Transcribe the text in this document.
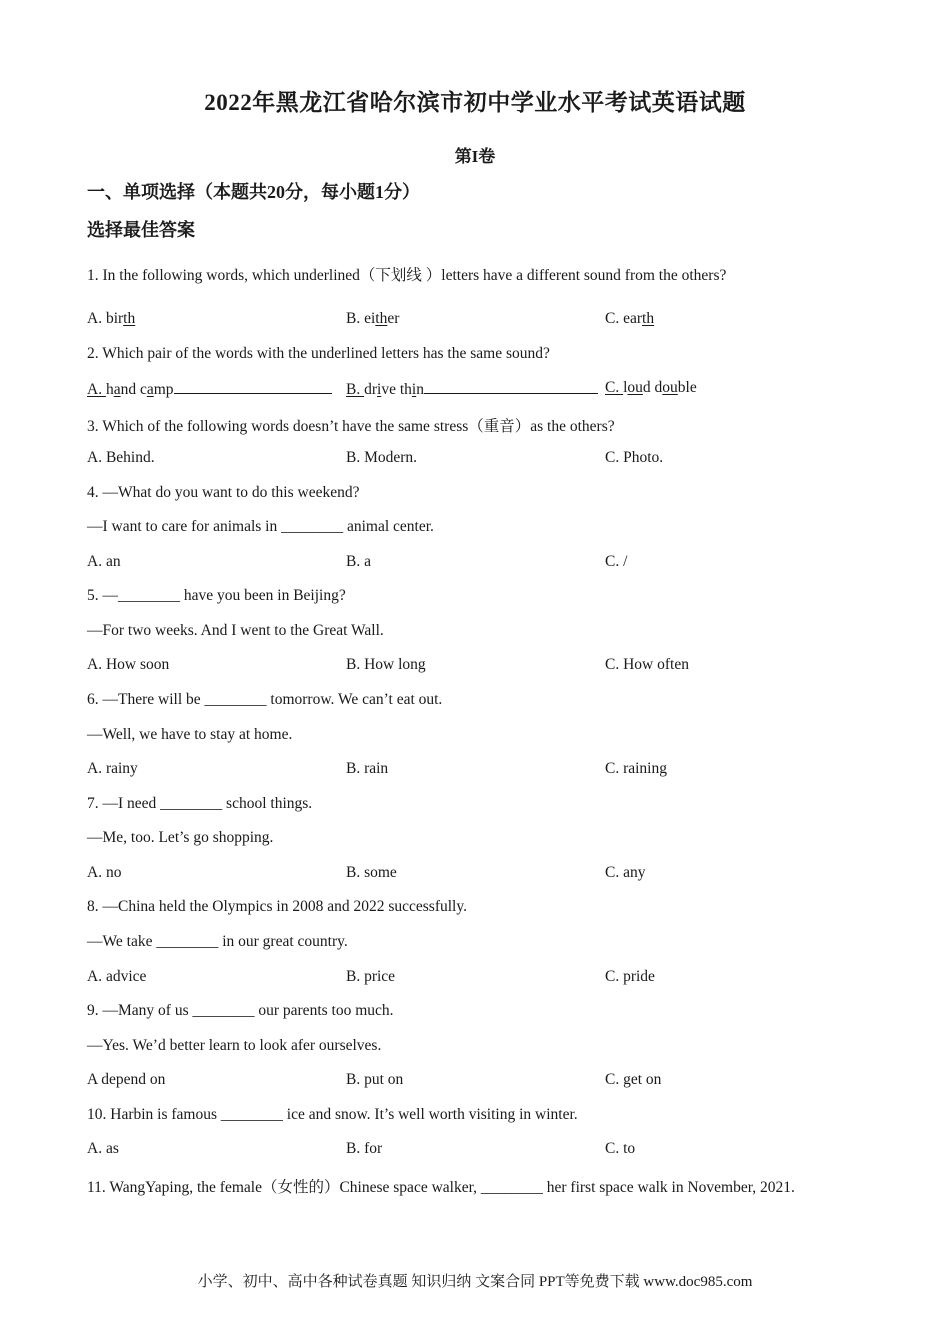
2022年黑龙江省哈尔滨市初中学业水平考试英语试题
第I卷
一、单项选择（本题共20分，每小题1分）
选择最佳答案
1. In the following words, which underlined（下划线 ）letters have a different sound from the others?
A. birth	B. either	C. earth
2. Which pair of the words with the underlined letters has the same sound?
A. hand camp	B. drive thin	C. loud double
3. Which of the following words doesn’t have the same stress（重音）as the others?
A. Behind.	B. Modern.	C. Photo.
4. —What do you want to do this weekend?
—I want to care for animals in ________ animal center.
A. an	B. a	C. /
5. —________ have you been in Beijing?
—For two weeks. And I went to the Great Wall.
A. How soon	B. How long	C. How often
6. —There will be ________ tomorrow. We can’t eat out.
—Well, we have to stay at home.
A. rainy	B. rain	C. raining
7. —I need ________ school things.
—Me, too. Let’s go shopping.
A. no	B. some	C. any
8. —China held the Olympics in 2008 and 2022 successfully.
—We take ________ in our great country.
A. advice	B. price	C. pride
9. —Many of us ________ our parents too much.
—Yes. We’d better learn to look afer ourselves.
A depend on	B. put on	C. get on
10. Harbin is famous ________ ice and snow. It’s well worth visiting in winter.
A. as	B. for	C. to
11. WangYaping, the female（女性的）Chinese space walker, ________ her first space walk in November, 2021.
小学、初中、高中各种试卷真题 知识归纳 文案合同 PPT等免费下载 www.doc985.com
